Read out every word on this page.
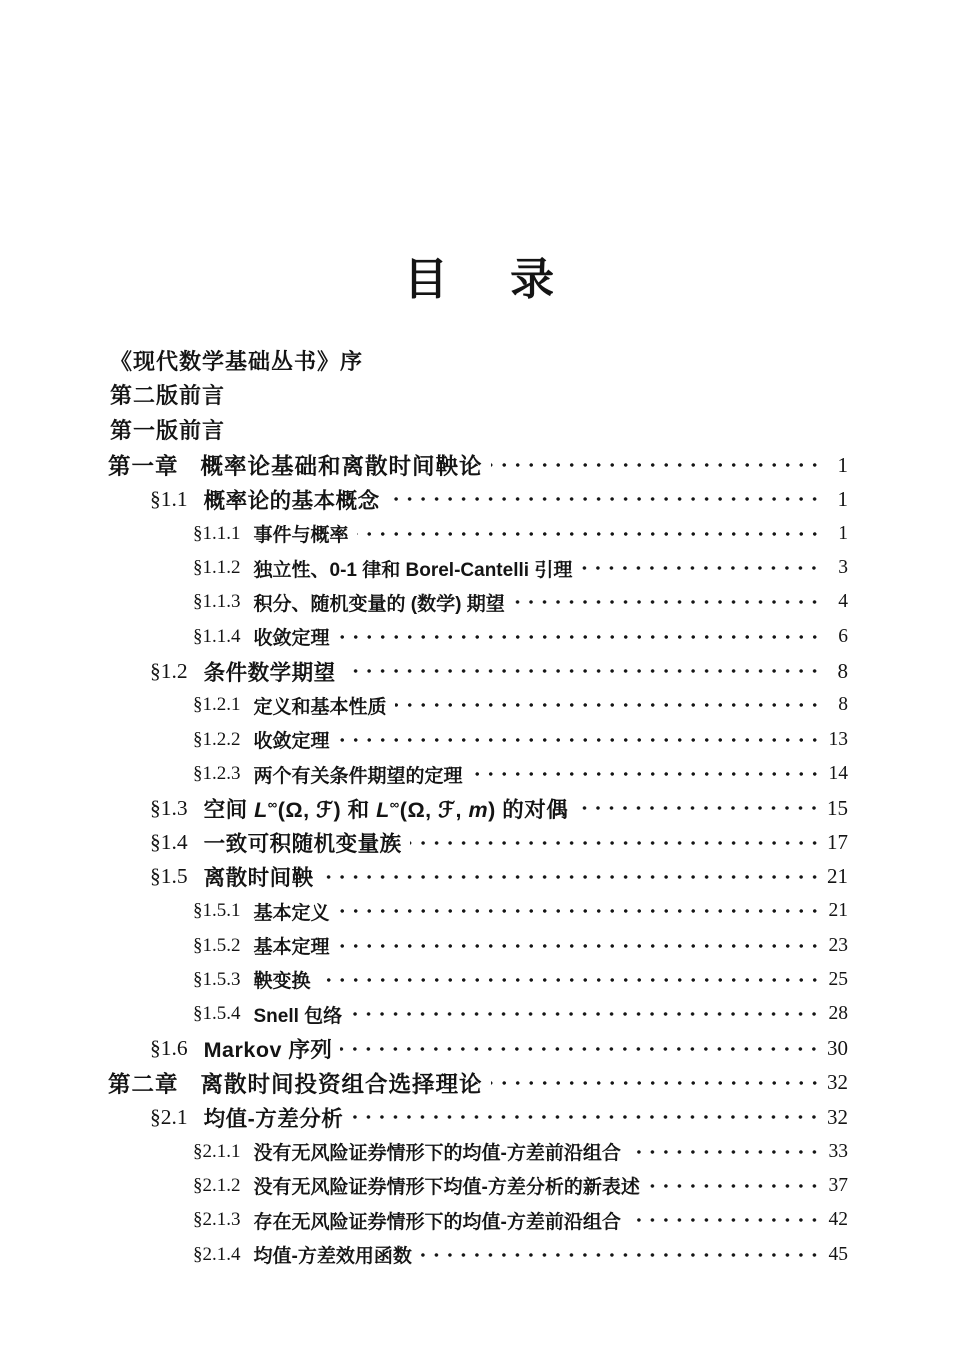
目 录
《现代数学基础丛书》序
第二版前言
第一版前言
第一章 概率论基础和离散时间鞅论	1
§1.1 概率论的基本概念	1
§1.1.1 事件与概率	1
§1.1.2 独立性、0-1 律和 Borel-Cantelli 引理	3
§1.1.3 积分、随机变量的 (数学) 期望	4
§1.1.4 收敛定理	6
§1.2 条件数学期望	8
§1.2.1 定义和基本性质	8
§1.2.2 收敛定理	13
§1.2.3 两个有关条件期望的定理	14
§1.3 空间 L∞(Ω, ℱ) 和 L∞(Ω, ℱ, m) 的对偶	15
§1.4 一致可积随机变量族	17
§1.5 离散时间鞅	21
§1.5.1 基本定义	21
§1.5.2 基本定理	23
§1.5.3 鞅变换	25
§1.5.4 Snell 包络	28
§1.6 Markov 序列	30
第二章 离散时间投资组合选择理论	32
§2.1 均值-方差分析	32
§2.1.1 没有无风险证券情形下的均值-方差前沿组合	33
§2.1.2 没有无风险证券情形下均值-方差分析的新表述	37
§2.1.3 存在无风险证券情形下的均值-方差前沿组合	42
§2.1.4 均值-方差效用函数	45
